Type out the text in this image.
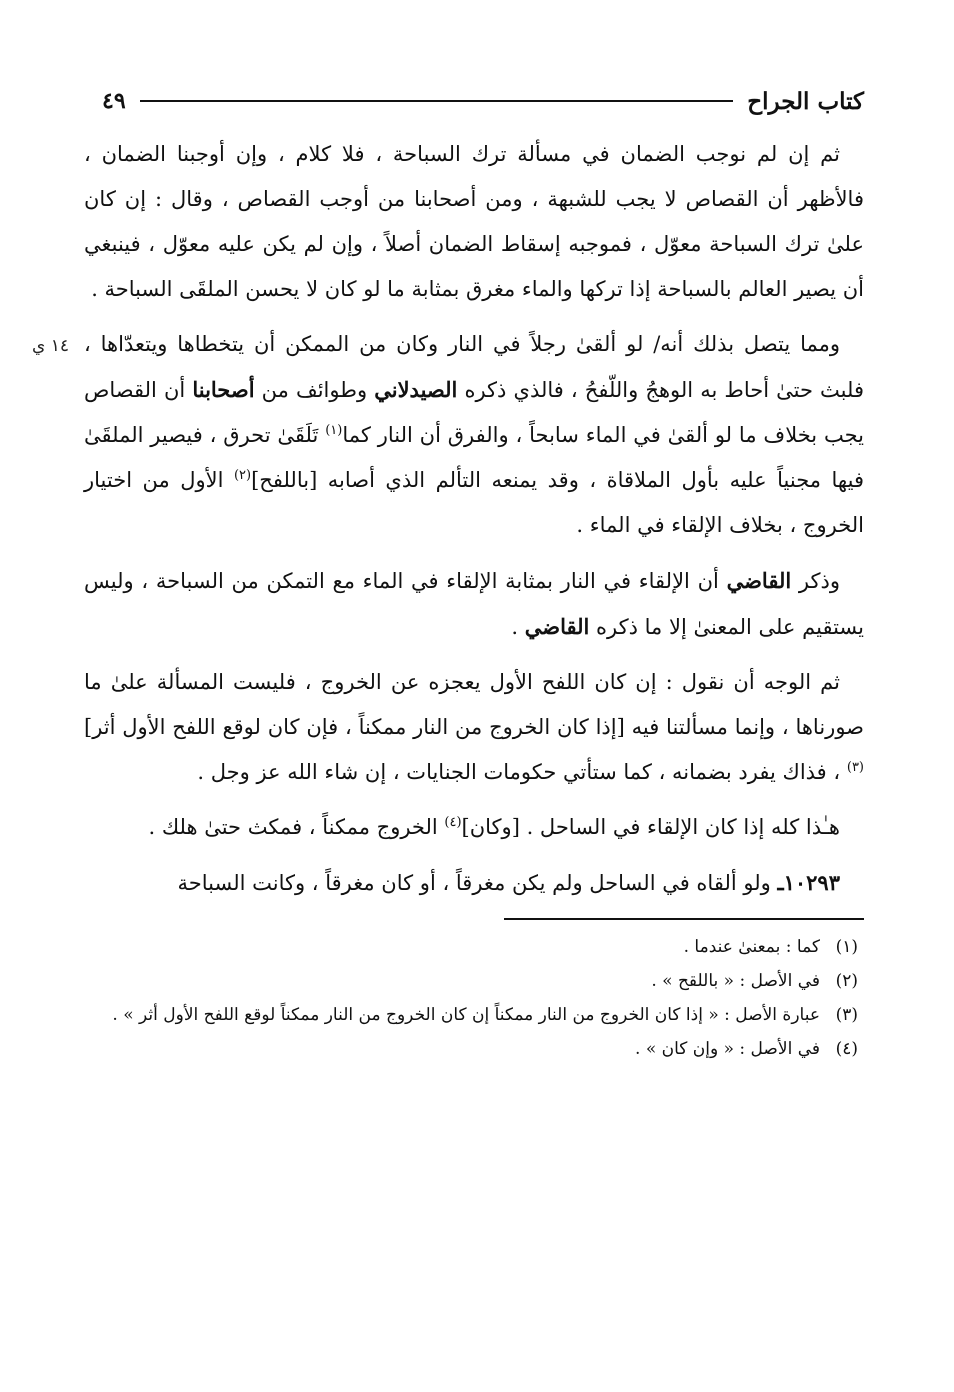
كتاب الجراح
٤٩

ثم إن لم نوجب الضمان في مسألة ترك السباحة ، فلا كلام ، وإن أوجبنا الضمان ، فالأظهر أن القصاص لا يجب للشبهة ، ومن أصحابنا من أوجب القصاص ، وقال : إن كان علىٰ ترك السباحة معوّل ، فموجبه إسقاط الضمان أصلاً ، وإن لم يكن عليه معوّل ، فينبغي أن يصير العالم بالسباحة إذا تركها والماء مغرق بمثابة ما لو كان لا يحسن الملقَى السباحة .

١٤ ي ومما يتصل بذلك أنه/ لو ألقىٰ رجلاً في النار وكان من الممكن أن يتخطاها ويتعدّاها ، فلبث حتىٰ أحاط به الوهجُ واللّفحُ ، فالذي ذكره الصيدلاني وطوائف من أصحابنا أن القصاص يجب بخلاف ما لو ألقىٰ في الماء سابحاً ، والفرق أن النار كما$^{(١)}$ تَلَقَىٰ تحرق ، فيصير الملقَىٰ فيها مجنياً عليه بأول الملاقاة ، وقد يمنعه التألم الذي أصابه [باللفح]$^{(٢)}$ الأول من اختيار الخروج ، بخلاف الإلقاء في الماء .

وذكر القاضي أن الإلقاء في النار بمثابة الإلقاء في الماء مع التمكن من السباحة ، وليس يستقيم على المعنىٰ إلا ما ذكره القاضي .

ثم الوجه أن نقول : إن كان اللفح الأول يعجزه عن الخروج ، فليست المسألة علىٰ ما صورناها ، وإنما مسألتنا فيه [إذا كان الخروج من النار ممكناً ، فإن كان لوقع اللفح الأول أثر]$^{(٣)}$ ، فذاك يفرد بضمانه ، كما ستأتي حكومات الجنايات ، إن شاء الله عز وجل .

هـٰذا كله إذا كان الإلقاء في الساحل . [وكان]$^{(٤)}$ الخروج ممكناً ، فمكث حتىٰ هلك .

١٠٢٩٣ـ ولو ألقاه في الساحل ولم يكن مغرقاً ، أو كان مغرقاً ، وكانت السباحة

(١)
كما : بمعنىٰ عندما .
(٢)
في الأصل : « باللقح » .
(٣)
عبارة الأصل : « إذا كان الخروج من النار ممكناً إن كان الخروج من النار ممكناً لوقع اللفح الأول أثر » .
(٤)
في الأصل : « وإن كان » .
